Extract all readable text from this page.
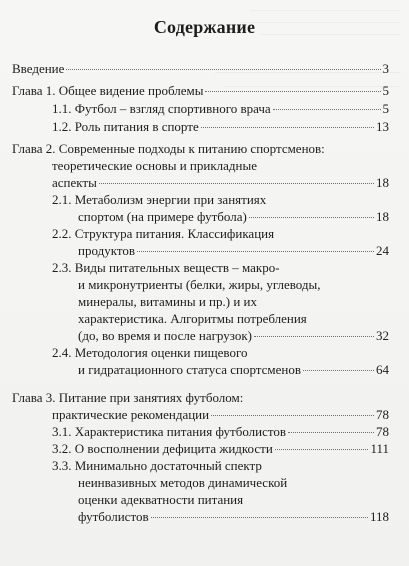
Содержание
Введение	3
Глава 1. Общее видение проблемы	5
1.1. Футбол – взгляд спортивного врача	5
1.2. Роль питания в спорте	13
Глава 2. Современные подходы к питанию спортсменов:
теоретические основы и прикладные
аспекты	18
2.1. Метаболизм энергии при занятиях
спортом (на примере футбола)	18
2.2. Структура питания. Классификация
продуктов	24
2.3. Виды питательных веществ – макро-
и микронутриенты (белки, жиры, углеводы,
минералы, витамины и пр.) и их
характеристика. Алгоритмы потребления
(до, во время и после нагрузок)	32
2.4. Методология оценки пищевого
и гидратационного статуса спортсменов	64
Глава 3. Питание при занятиях футболом:
практические рекомендации	78
3.1. Характеристика питания футболистов	78
3.2. О восполнении дефицита жидкости	111
3.3. Минимально достаточный спектр
неинвазивных методов динамической
оценки адекватности питания
футболистов	118
